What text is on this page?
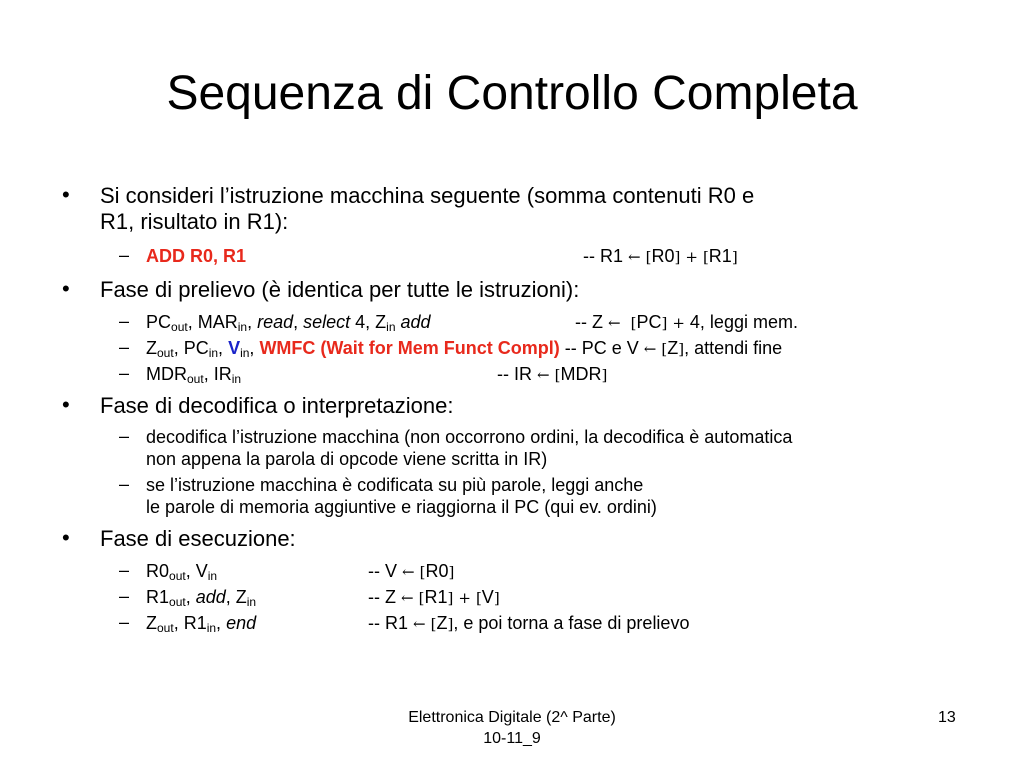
Sequenza di Controllo Completa
• Si consideri l’istruzione macchina seguente (somma contenuti R0 e
R1, risultato in R1):
– ADD R0, R1	-- R1 ← [R0] + [R1]
• Fase di prelievo (è identica per tutte le istruzioni):
– $PC_{out}$, $MAR_{in}$, read, select 4, $Z_{in}$ add	-- Z ← [PC] + 4, leggi mem.
– $Z_{out}$, $PC_{in}$, $V_{in}$, WMFC (Wait for Mem Funct Compl) -- PC e V ← [Z], attendi fine
– $MDR_{out}$, $IR_{in}$	-- IR ← [MDR]
• Fase di decodifica o interpretazione:
– decodifica l’istruzione macchina (non occorrono ordini, la decodifica è automatica
non appena la parola di opcode viene scritta in IR)
– se l’istruzione macchina è codificata su più parole, leggi anche
le parole di memoria aggiuntive e riaggiorna il PC (qui ev. ordini)
• Fase di esecuzione:
– $R0_{out}$, $V_{in}$	-- V ← [R0]
– $R1_{out}$, add, $Z_{in}$	-- Z ← [R1] + [V]
– $Z_{out}$, $R1_{in}$, end	-- R1 ← [Z], e poi torna a fase di prelievo
Elettronica Digitale (2^ Parte)
10-11_9
13
